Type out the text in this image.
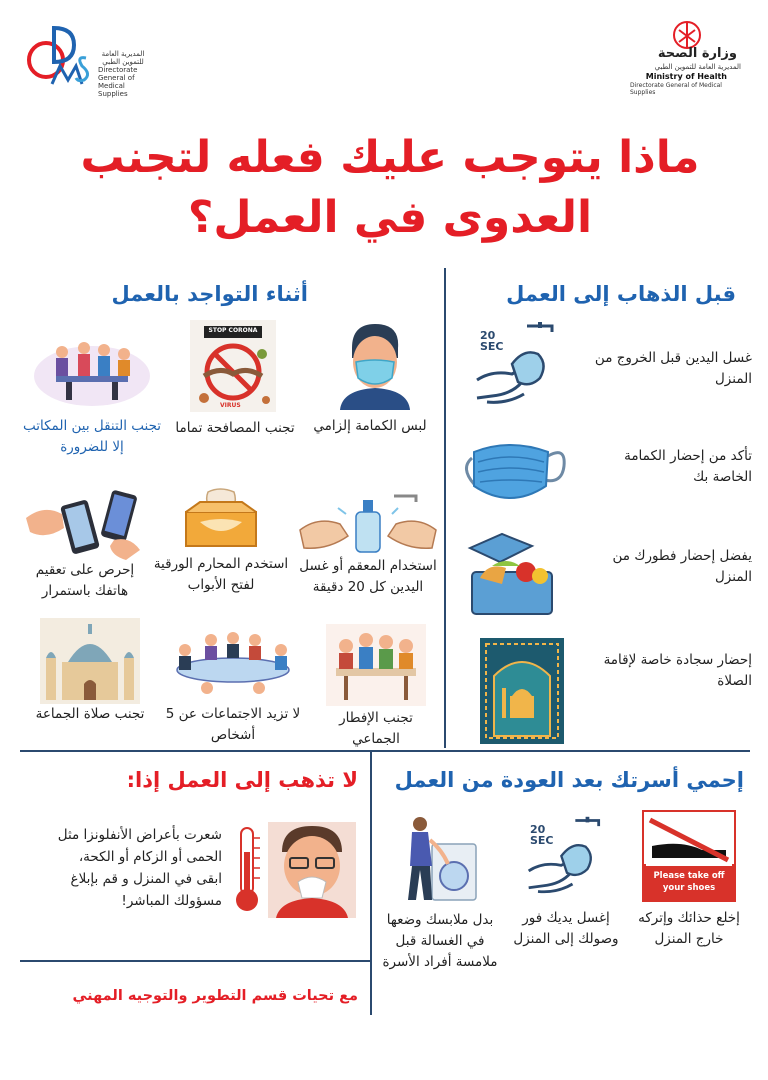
المديرية العامة للتموين الطبي
Directorate General of Medical Supplies
وزارة الصحة
المديرية العامة للتموين الطبي
Ministry of Health
Directorate General of Medical Supplies
ماذا يتوجب عليك فعله لتجنب
العدوى في العمل؟
قبل الذهاب إلى العمل
20 SEC
غسل اليدين قبل الخروج من المنزل
تأكد من إحضار الكمامة الخاصة بك
يفضل إحضار فطورك من المنزل
إحضار سجادة خاصة لإقامة الصلاة
أثناء التواجد بالعمل
لبس الكمامة إلزامي
STOP CORONA
VIRUS
تجنب المصافحة تماما
تجنب التنقل بين المكاتب إلا للضرورة
استخدام المعقم أو غسل اليدين كل 20 دقيقة
استخدم المحارم الورقية لفتح الأبواب
إحرص على تعقيم هاتفك باستمرار
تجنب الإفطار الجماعي
لا تزيد الاجتماعات عن 5 أشخاص
تجنب صلاة الجماعة
إحمي أسرتك بعد العودة من العمل
Please take off your shoes
إخلع حذائك وإتركه خارج المنزل
20 SEC
إغسل يديك فور وصولك إلى المنزل
بدل ملابسك وضعها في الغسالة قبل ملامسة أفراد الأسرة
لا تذهب إلى العمل إذا:
شعرت بأعراض الأنفلونزا مثل الحمى أو الزكام أو الكحة، ابقى في المنزل و قم بإبلاغ مسؤولك المباشر!
مع تحيات قسم التطوير والتوجيه المهني
